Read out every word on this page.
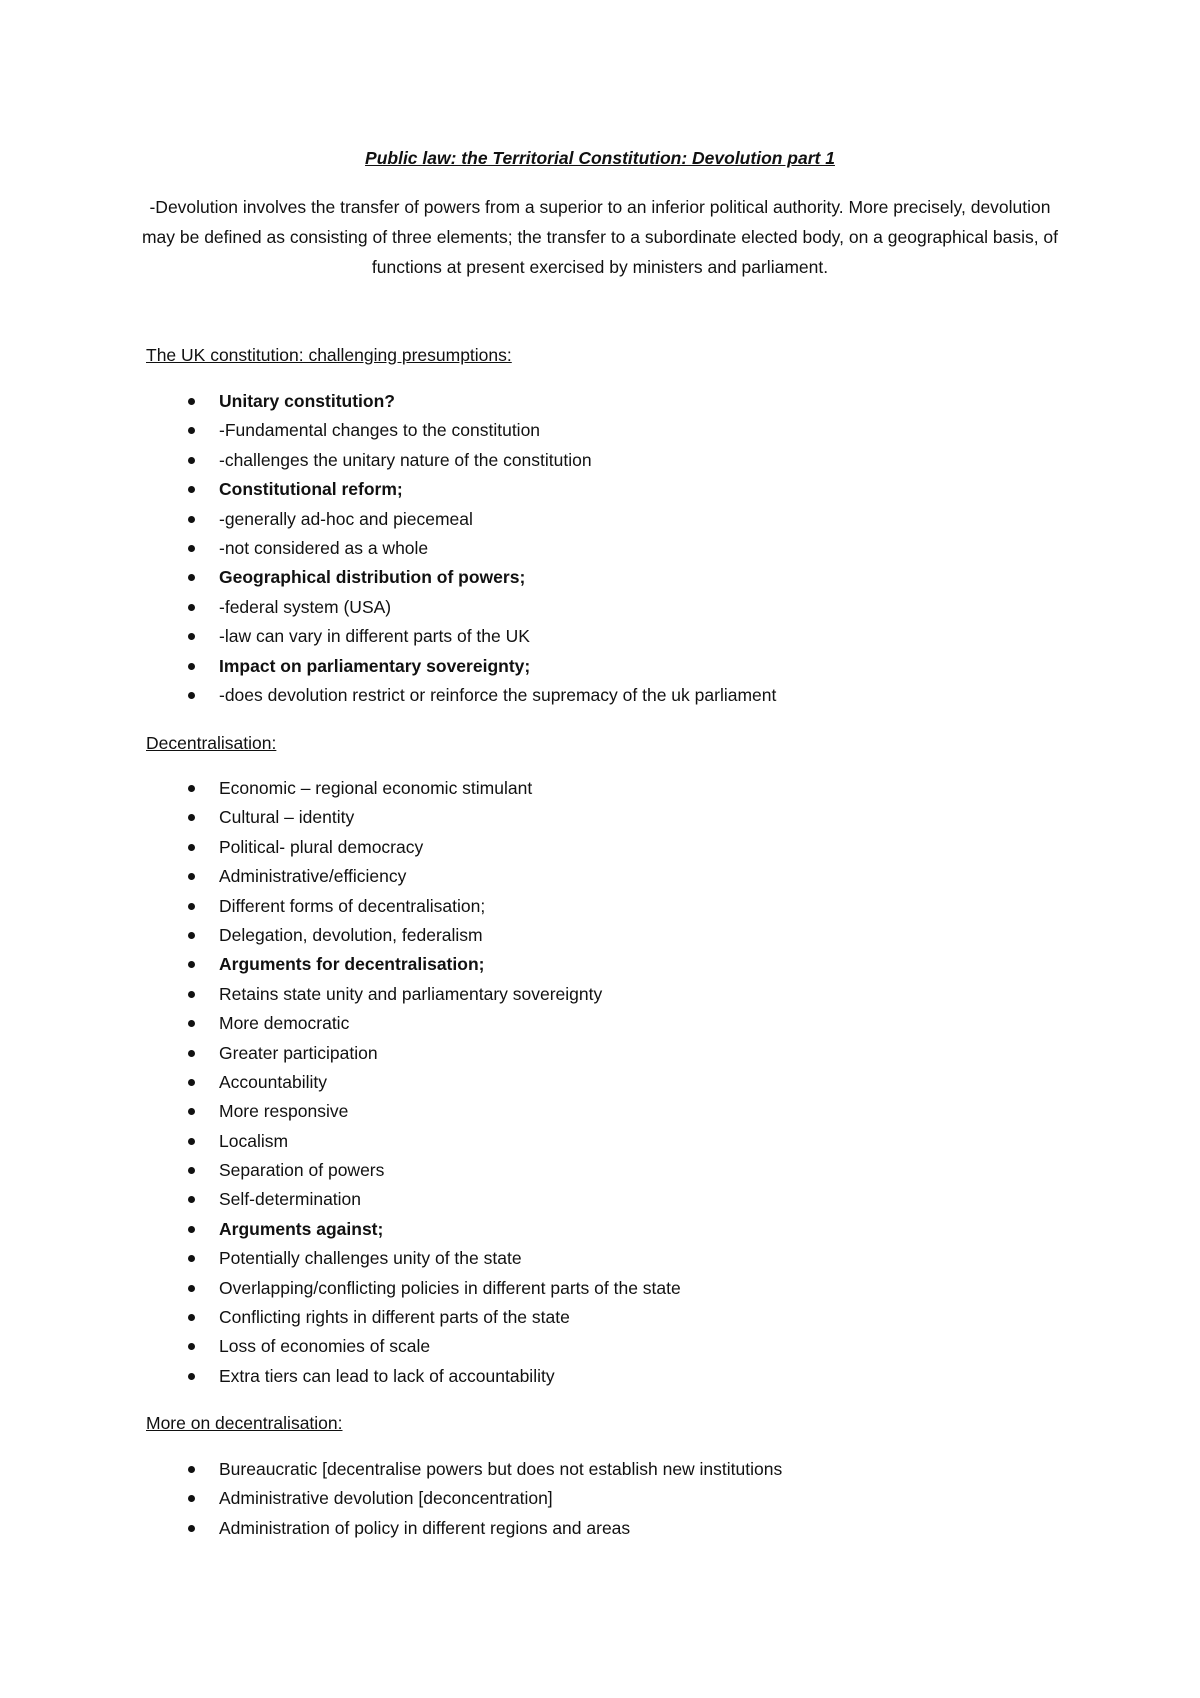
Public law: the Territorial Constitution: Devolution part 1

-Devolution involves the transfer of powers from a superior to an inferior political authority. More precisely, devolution may be defined as consisting of three elements; the transfer to a subordinate elected body, on a geographical basis, of functions at present exercised by ministers and parliament.

The UK constitution: challenging presumptions:
Unitary constitution?
-Fundamental changes to the constitution
-challenges the unitary nature of the constitution
Constitutional reform;
-generally ad-hoc and piecemeal
-not considered as a whole
Geographical distribution of powers;
-federal system (USA)
-law can vary in different parts of the UK
Impact on parliamentary sovereignty;
-does devolution restrict or reinforce the supremacy of the uk parliament
Decentralisation:
Economic – regional economic stimulant
Cultural – identity
Political- plural democracy
Administrative/efficiency
Different forms of decentralisation;
Delegation, devolution, federalism
Arguments for decentralisation;
Retains state unity and parliamentary sovereignty
More democratic
Greater participation
Accountability
More responsive
Localism
Separation of powers
Self-determination
Arguments against;
Potentially challenges unity of the state
Overlapping/conflicting policies in different parts of the state
Conflicting rights in different parts of the state
Loss of economies of scale
Extra tiers can lead to lack of accountability
More on decentralisation:
Bureaucratic [decentralise powers but does not establish new institutions
Administrative devolution [deconcentration]
Administration of policy in different regions and areas
